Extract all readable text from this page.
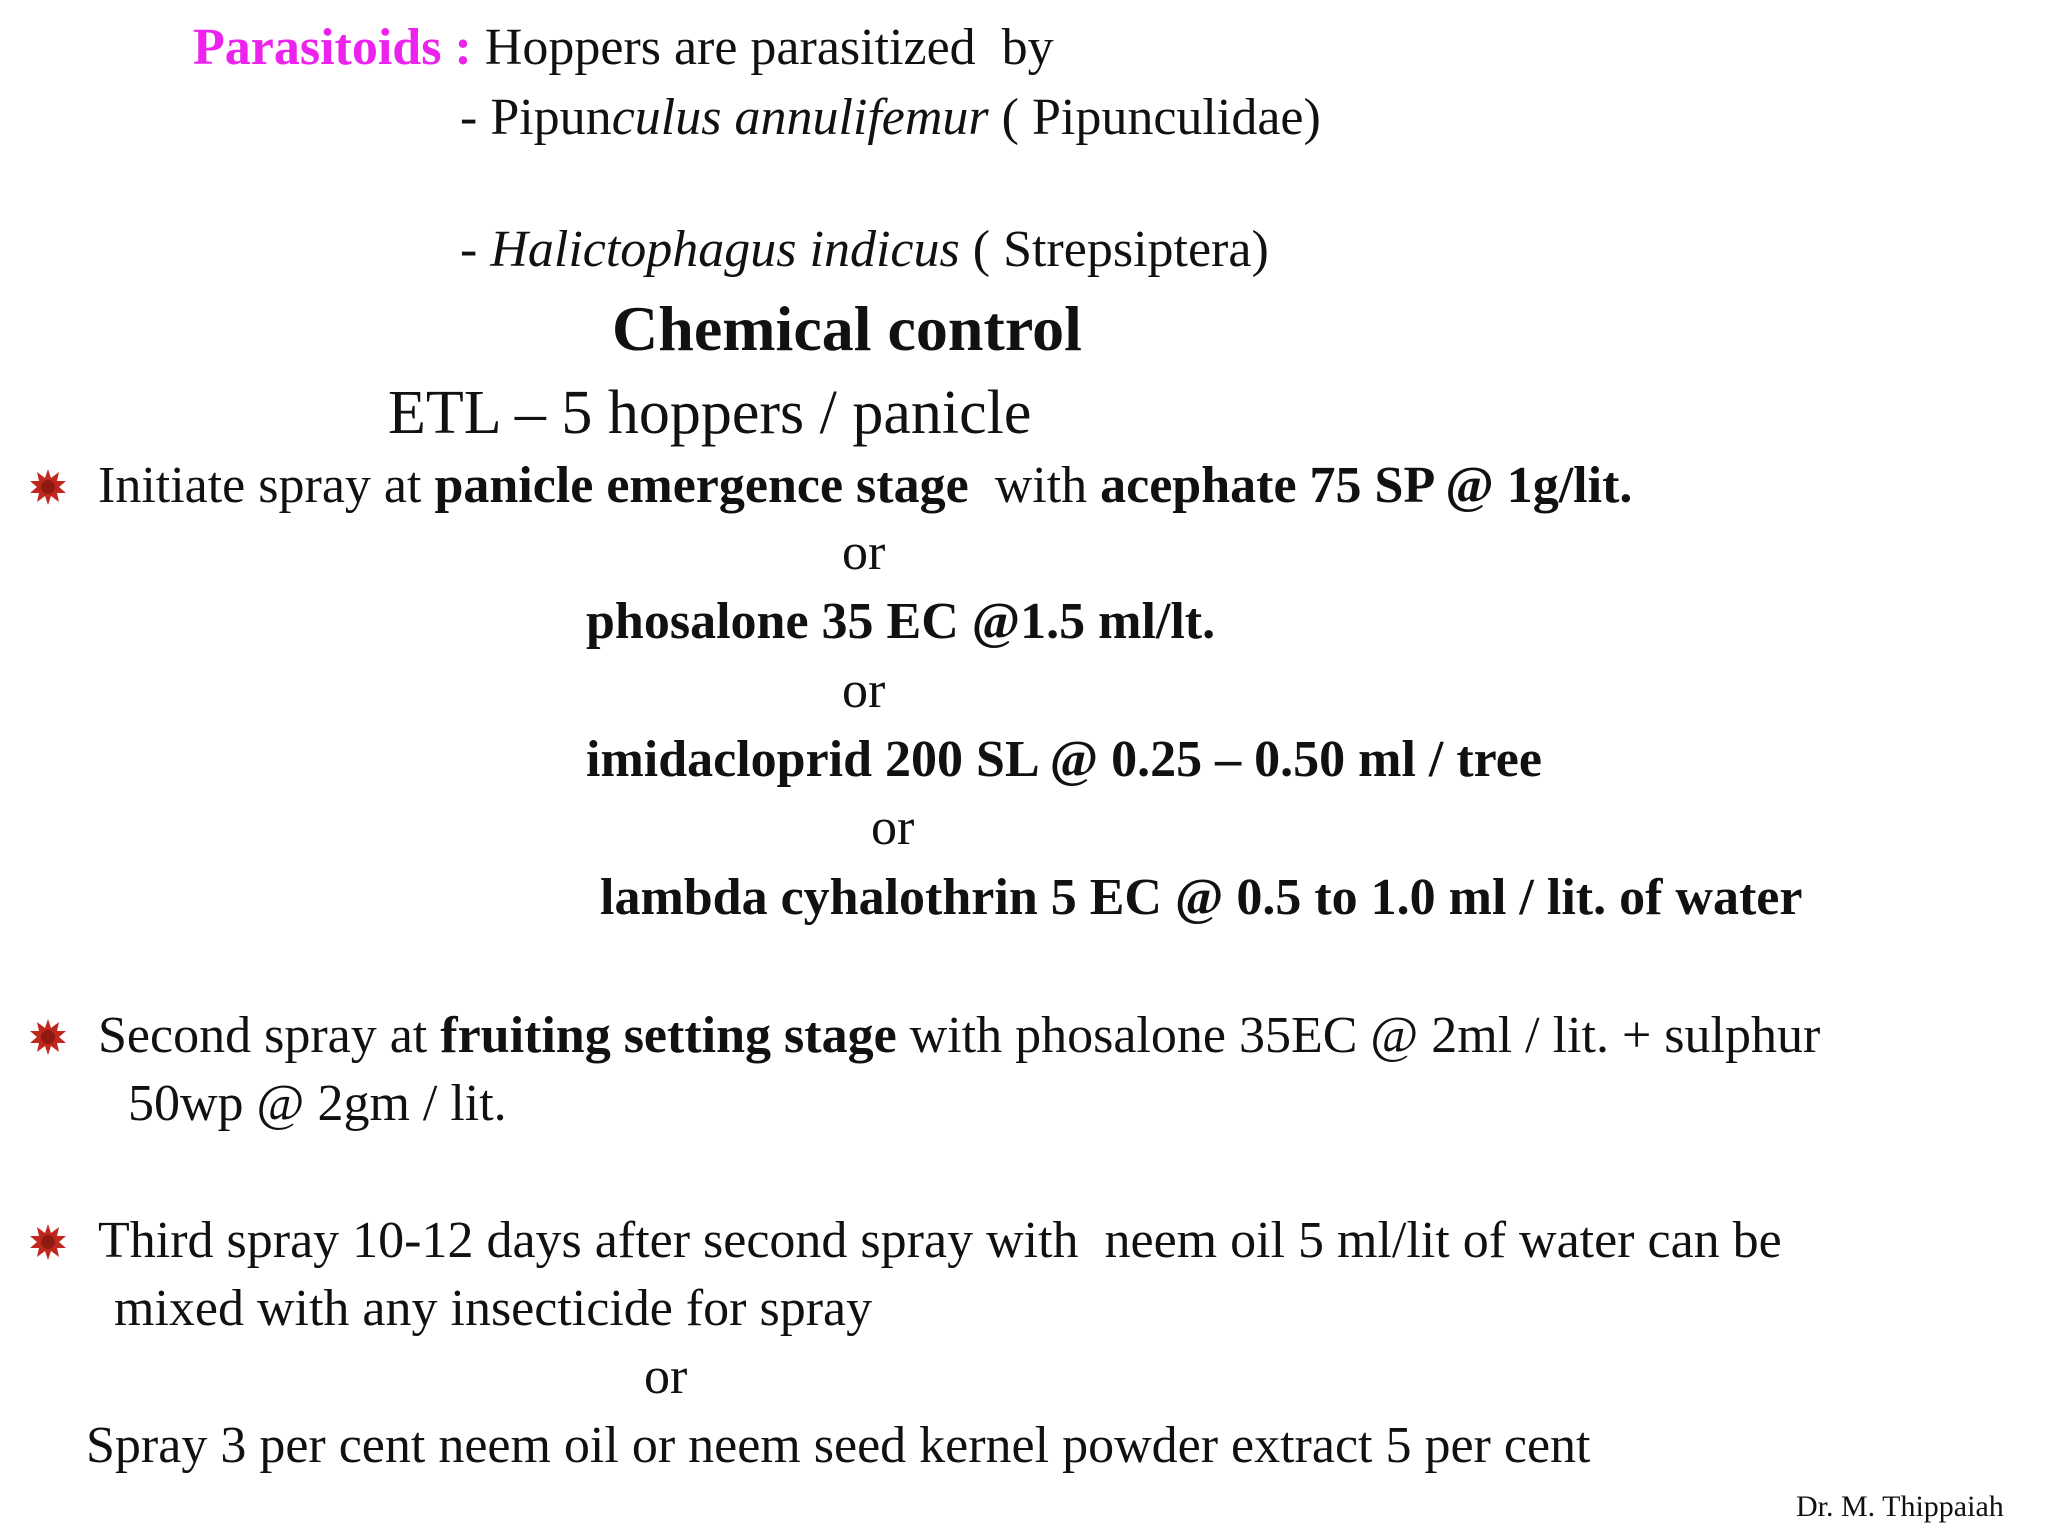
Parasitoids : Hoppers are parasitized  by
- Pipunculus annulifemur ( Pipunculidae)
- Halictophagus indicus ( Strepsiptera)
Chemical control
ETL – 5 hoppers / panicle
Initiate spray at panicle emergence stage  with acephate 75 SP @ 1g/lit.
or
phosalone 35 EC @1.5 ml/lt.
or
imidacloprid 200 SL @ 0.25 – 0.50 ml / tree
or
lambda cyhalothrin 5 EC @ 0.5 to 1.0 ml / lit. of water
Second spray at fruiting setting stage with phosalone 35EC @ 2ml / lit. + sulphur
50wp @ 2gm / lit.
Third spray 10-12 days after second spray with  neem oil 5 ml/lit of water can be
mixed with any insecticide for spray
or
Spray 3 per cent neem oil or neem seed kernel powder extract 5 per cent
Dr. M. Thippaiah
